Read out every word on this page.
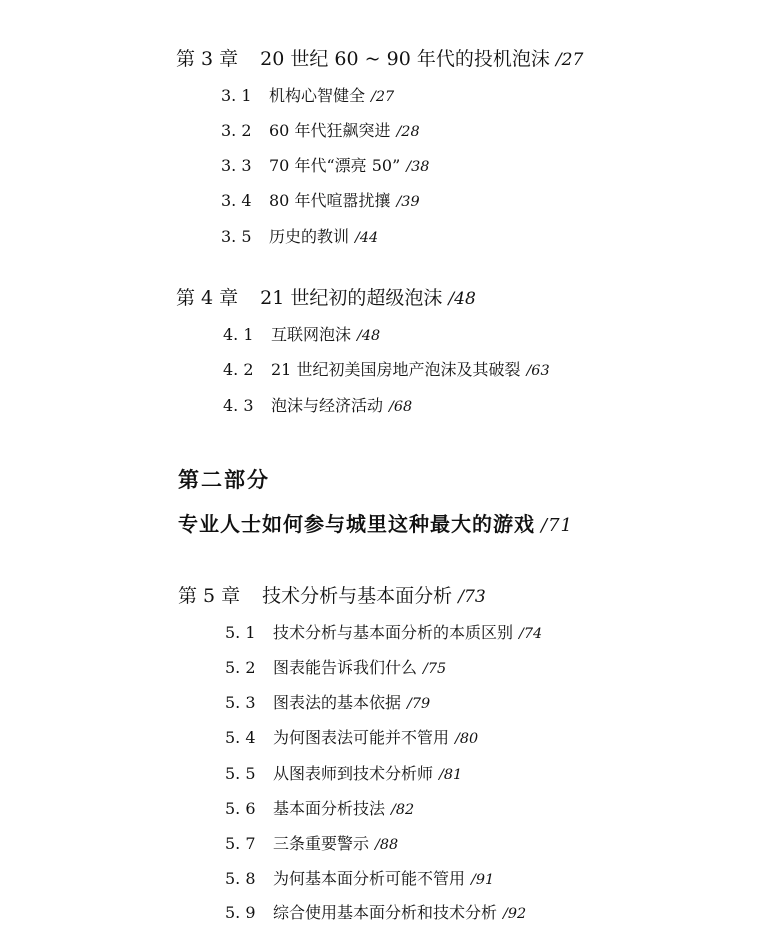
第 3 章 20 世纪 60 ~ 90 年代的投机泡沫 /27
3. 1 机构心智健全 /27
3. 2 60 年代狂飙突进 /28
3. 3 70 年代“漂亮 50” /38
3. 4 80 年代喧嚣扰攘 /39
3. 5 历史的教训 /44
第 4 章 21 世纪初的超级泡沫 /48
4. 1 互联网泡沫 /48
4. 2 21 世纪初美国房地产泡沫及其破裂 /63
4. 3 泡沫与经济活动 /68
第二部分
专业人士如何参与城里这种最大的游戏 /71
第 5 章 技术分析与基本面分析 /73
5. 1 技术分析与基本面分析的本质区别 /74
5. 2 图表能告诉我们什么 /75
5. 3 图表法的基本依据 /79
5. 4 为何图表法可能并不管用 /80
5. 5 从图表师到技术分析师 /81
5. 6 基本面分析技法 /82
5. 7 三条重要警示 /88
5. 8 为何基本面分析可能不管用 /91
5. 9 综合使用基本面分析和技术分析 /92
